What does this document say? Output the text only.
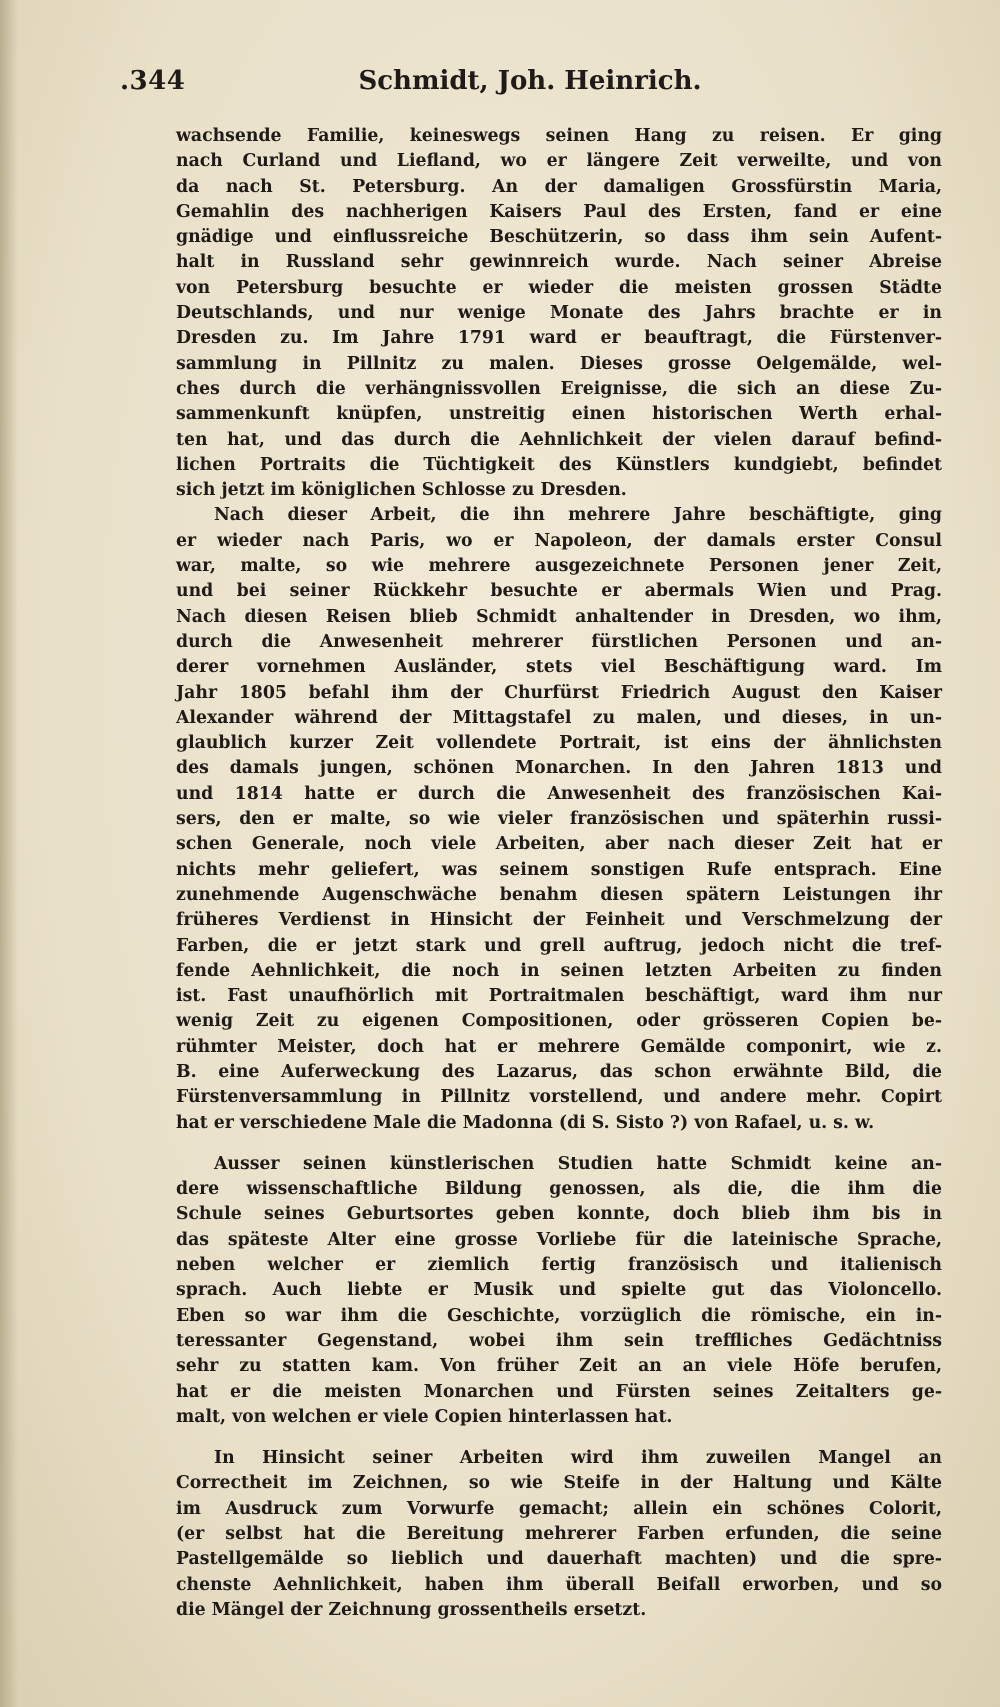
.344	Schmidt, Joh. Heinrich.
wachsende Familie, keineswegs seinen Hang zu reisen. Er ging
nach Curland und Liefland, wo er längere Zeit verweilte, und von
da nach St. Petersburg. An der damaligen Grossfürstin Maria,
Gemahlin des nachherigen Kaisers Paul des Ersten, fand er eine
gnädige und einflussreiche Beschützerin, so dass ihm sein Aufent-
halt in Russland sehr gewinnreich wurde. Nach seiner Abreise
von Petersburg besuchte er wieder die meisten grossen Städte
Deutschlands, und nur wenige Monate des Jahrs brachte er in
Dresden zu. Im Jahre 1791 ward er beauftragt, die Fürstenver-
sammlung in Pillnitz zu malen. Dieses grosse Oelgemälde, wel-
ches durch die verhängnissvollen Ereignisse, die sich an diese Zu-
sammenkunft knüpfen, unstreitig einen historischen Werth erhal-
ten hat, und das durch die Aehnlichkeit der vielen darauf befind-
lichen Portraits die Tüchtigkeit des Künstlers kundgiebt, befindet
sich jetzt im königlichen Schlosse zu Dresden.
Nach dieser Arbeit, die ihn mehrere Jahre beschäftigte, ging
er wieder nach Paris, wo er Napoleon, der damals erster Consul
war, malte, so wie mehrere ausgezeichnete Personen jener Zeit,
und bei seiner Rückkehr besuchte er abermals Wien und Prag.
Nach diesen Reisen blieb Schmidt anhaltender in Dresden, wo ihm,
durch die Anwesenheit mehrerer fürstlichen Personen und an-
derer vornehmen Ausländer, stets viel Beschäftigung ward. Im
Jahr 1805 befahl ihm der Churfürst Friedrich August den Kaiser
Alexander während der Mittagstafel zu malen, und dieses, in un-
glaublich kurzer Zeit vollendete Portrait, ist eins der ähnlichsten
des damals jungen, schönen Monarchen. In den Jahren 1813 und
und 1814 hatte er durch die Anwesenheit des französischen Kai-
sers, den er malte, so wie vieler französischen und späterhin russi-
schen Generale, noch viele Arbeiten, aber nach dieser Zeit hat er
nichts mehr geliefert, was seinem sonstigen Rufe entsprach. Eine
zunehmende Augenschwäche benahm diesen spätern Leistungen ihr
früheres Verdienst in Hinsicht der Feinheit und Verschmelzung der
Farben, die er jetzt stark und grell auftrug, jedoch nicht die tref-
fende Aehnlichkeit, die noch in seinen letzten Arbeiten zu finden
ist. Fast unaufhörlich mit Portraitmalen beschäftigt, ward ihm nur
wenig Zeit zu eigenen Compositionen, oder grösseren Copien be-
rühmter Meister, doch hat er mehrere Gemälde componirt, wie z.
B. eine Auferweckung des Lazarus, das schon erwähnte Bild, die
Fürstenversammlung in Pillnitz vorstellend, und andere mehr. Copirt
hat er verschiedene Male die Madonna (di S. Sisto ?) von Rafael, u. s. w.
Ausser seinen künstlerischen Studien hatte Schmidt keine an-
dere wissenschaftliche Bildung genossen, als die, die ihm die
Schule seines Geburtsortes geben konnte, doch blieb ihm bis in
das späteste Alter eine grosse Vorliebe für die lateinische Sprache,
neben welcher er ziemlich fertig französisch und italienisch
sprach. Auch liebte er Musik und spielte gut das Violoncello.
Eben so war ihm die Geschichte, vorzüglich die römische, ein in-
teressanter Gegenstand, wobei ihm sein treffliches Gedächtniss
sehr zu statten kam. Von früher Zeit an an viele Höfe berufen,
hat er die meisten Monarchen und Fürsten seines Zeitalters ge-
malt, von welchen er viele Copien hinterlassen hat.
In Hinsicht seiner Arbeiten wird ihm zuweilen Mangel an
Correctheit im Zeichnen, so wie Steife in der Haltung und Kälte
im Ausdruck zum Vorwurfe gemacht; allein ein schönes Colorit,
(er selbst hat die Bereitung mehrerer Farben erfunden, die seine
Pastellgemälde so lieblich und dauerhaft machten) und die spre-
chenste Aehnlichkeit, haben ihm überall Beifall erworben, und so
die Mängel der Zeichnung grossentheils ersetzt.
